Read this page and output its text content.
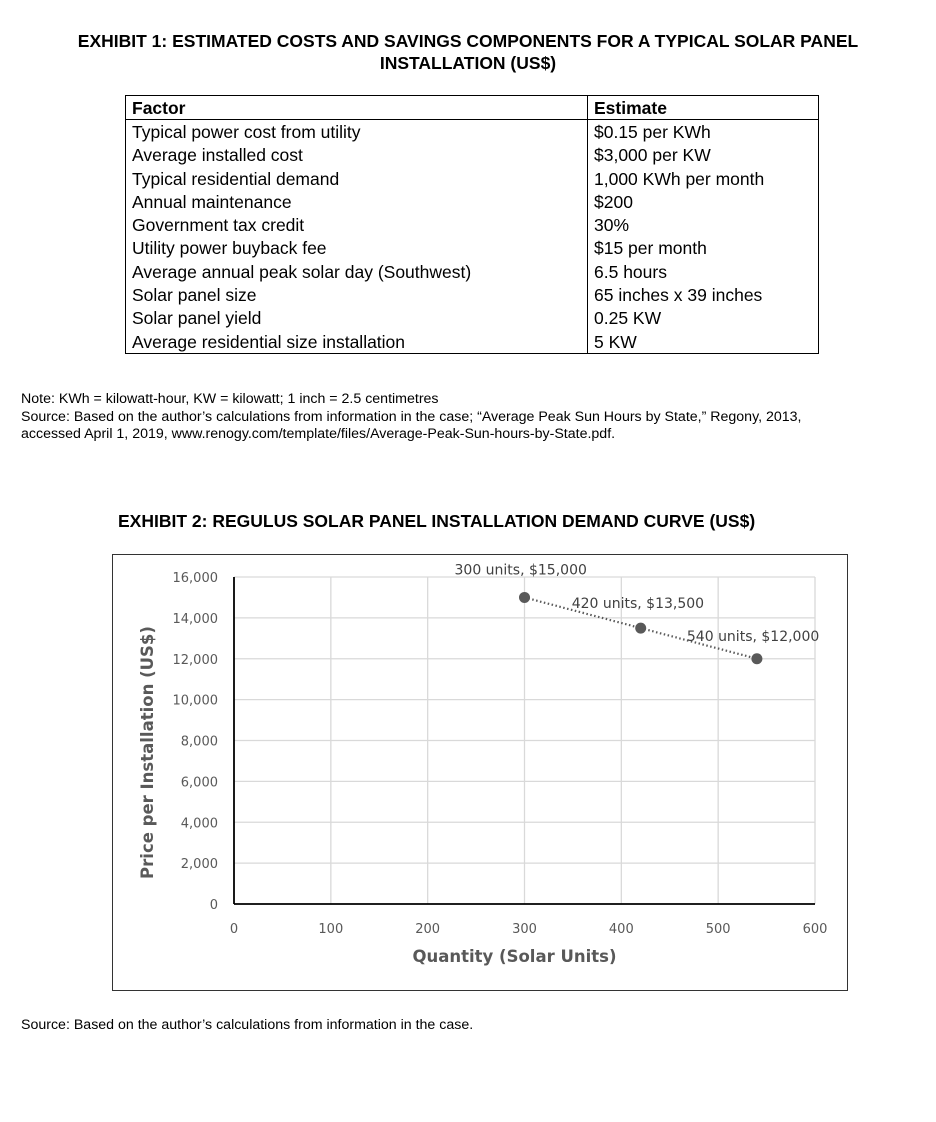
EXHIBIT 1: ESTIMATED COSTS AND SAVINGS COMPONENTS FOR A TYPICAL SOLAR PANEL
INSTALLATION (US$)
Factor	Estimate
Typical power cost from utility	$0.15 per KWh
Average installed cost	$3,000 per KW
Typical residential demand	1,000 KWh per month
Annual maintenance	$200
Government tax credit	30%
Utility power buyback fee	$15 per month
Average annual peak solar day (Southwest)	6.5 hours
Solar panel size	65 inches x 39 inches
Solar panel yield	0.25 KW
Average residential size installation	5 KW
Note: KWh = kilowatt-hour, KW = kilowatt; 1 inch = 2.5 centimetres
Source: Based on the author’s calculations from information in the case; “Average Peak Sun Hours by State,” Regony, 2013,
accessed April 1, 2019, www.renogy.com/template/files/Average-Peak-Sun-hours-by-State.pdf.
EXHIBIT 2: REGULUS SOLAR PANEL INSTALLATION DEMAND CURVE (US$)
0
2,000
4,000
6,000
8,000
10,000
12,000
14,000
16,000
0	100	200	300	400	500	600
Quantity (Solar Units)
Price per Installation (US$)
300 units, $15,000
420 units, $13,500
540 units, $12,000
Source: Based on the author’s calculations from information in the case.
